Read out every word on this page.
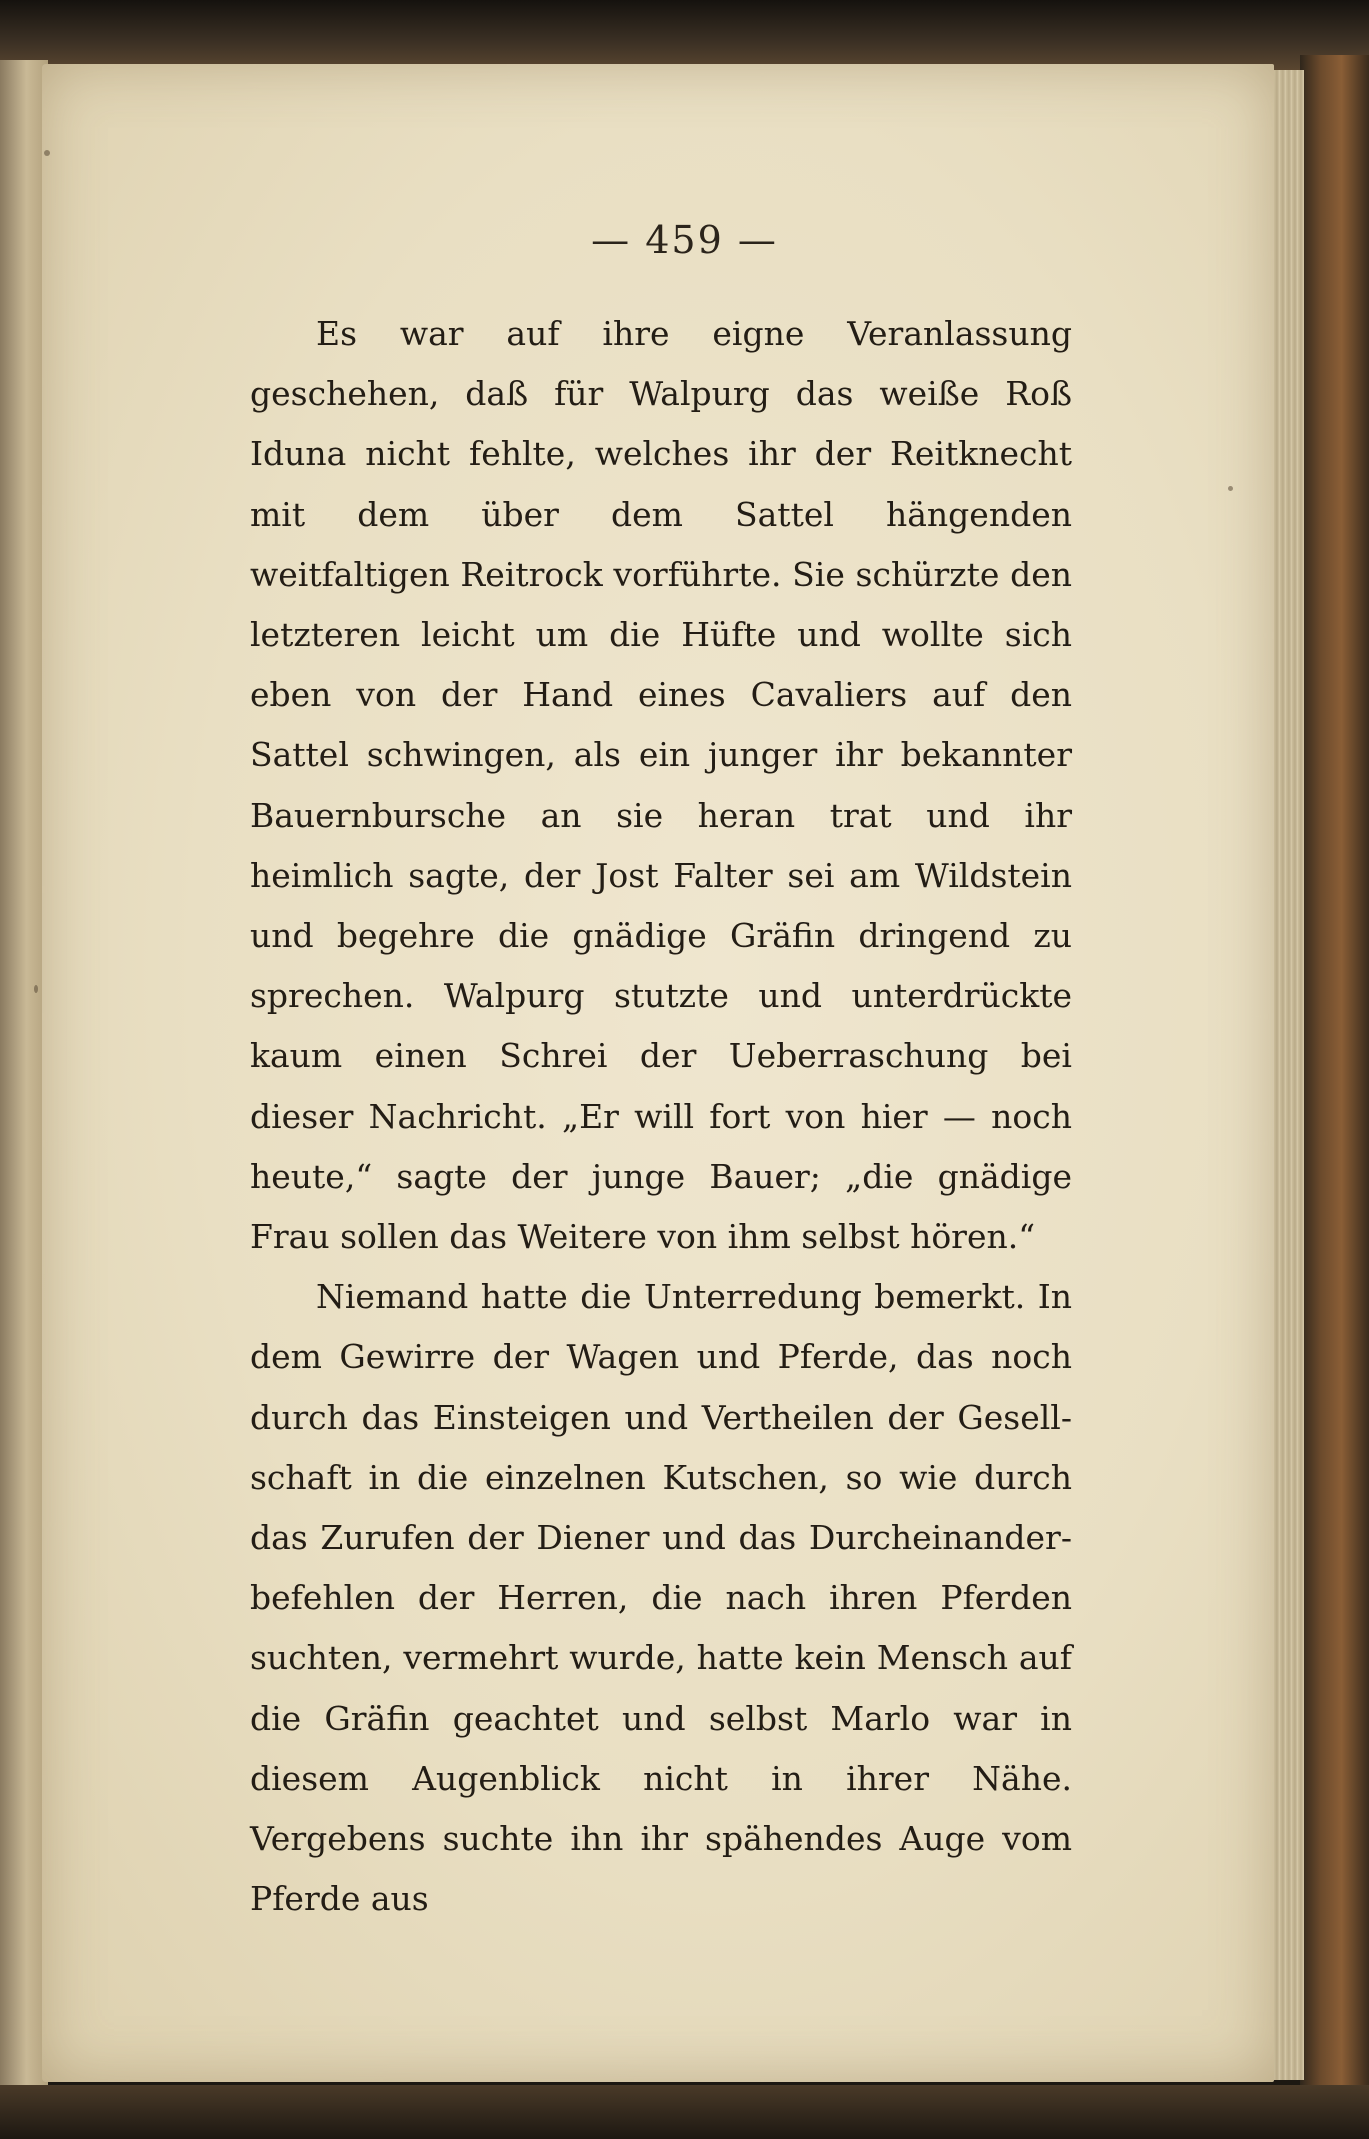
— 459 —

Es war auf ihre eigne Veranlassung geschehen, daß für Walpurg das weiße Roß Iduna nicht fehlte, welches ihr der Reitknecht mit dem über dem Sattel hängenden weitfaltigen Reitrock vorführte. Sie schürzte den letzteren leicht um die Hüfte und wollte sich eben von der Hand eines Cavaliers auf den Sattel schwingen, als ein junger ihr bekannter Bauernbursche an sie heran trat und ihr heimlich sagte, der Jost Falter sei am Wildstein und begehre die gnädige Gräfin dringend zu sprechen. Walpurg stutzte und unterdrückte kaum einen Schrei der Ueberraschung bei dieser Nachricht. „Er will fort von hier — noch heute,“ sagte der junge Bauer; „die gnädige Frau sollen das Weitere von ihm selbst hören.“

Niemand hatte die Unterredung bemerkt. In dem Gewirre der Wagen und Pferde, das noch durch das Einsteigen und Vertheilen der Gesellschaft in die einzelnen Kutschen, so wie durch das Zurufen der Diener und das Durcheinanderbefehlen der Herren, die nach ihren Pferden suchten, vermehrt wurde, hatte kein Mensch auf die Gräfin geachtet und selbst Marlo war in diesem Augenblick nicht in ihrer Nähe. Vergebens suchte ihn ihr spähendes Auge vom Pferde aus
